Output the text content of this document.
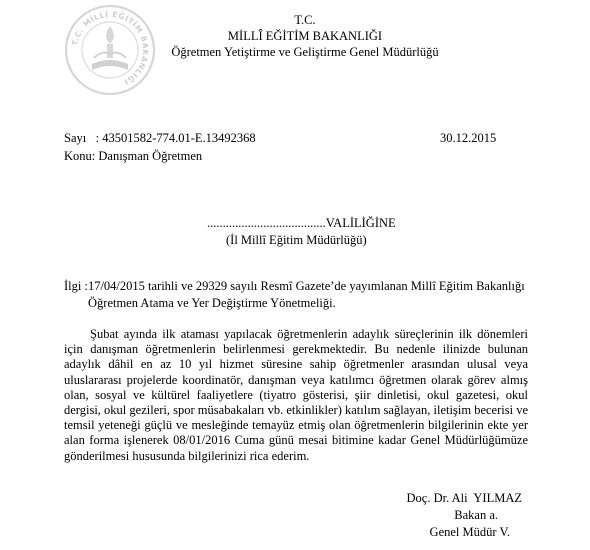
T.C. MİLLÎ EĞİTİM BAKANLIĞI
T.C.
MİLLÎ EĞİTİM BAKANLIĞI
Öğretmen Yetiştirme ve Geliştirme Genel Müdürlüğü
Sayı   : 43501582-774.01-E.13492368	30.12.2015
Konu: Danışman Öğretmen
......................................VALİLİĞİNE
(İl Millî Eğitim Müdürlüğü)
İlgi :17/04/2015 tarihli ve 29329 sayılı Resmî Gazete’de yayımlanan Millî Eğitim Bakanlığı
Öğretmen Atama ve Yer Değiştirme Yönetmeliği.
Şubat ayında ilk ataması yapılacak öğretmenlerin adaylık süreçlerinin ilk dönemleri için danışman öğretmenlerin belirlenmesi gerekmektedir. Bu nedenle ilinizde bulunan adaylık dâhil en az 10 yıl hizmet süresine sahip öğretmenler arasından ulusal veya uluslararası projelerde koordinatör, danışman veya katılımcı öğretmen olarak görev almış olan, sosyal ve kültürel faaliyetlere (tiyatro gösterisi, şiir dinletisi, okul gazetesi, okul dergisi, okul gezileri, spor müsabakaları vb. etkinlikler) katılım sağlayan, iletişim becerisi ve temsil yeteneği güçlü ve mesleğinde temayüz etmiş olan öğretmenlerin bilgilerinin ekte yer alan forma işlenerek 08/01/2016 Cuma günü mesai bitimine kadar Genel Müdürlüğümüze gönderilmesi hususunda bilgilerinizi rica ederim.
Doç. Dr. Ali  YILMAZ
Bakan a.
Genel Müdür V.
